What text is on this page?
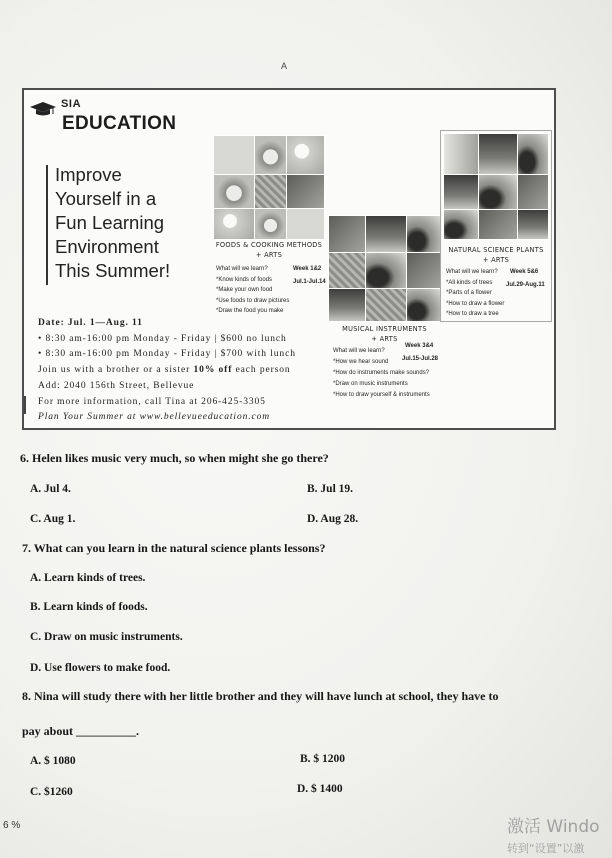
A
SIA
EDUCATION
Improve
Yourself in a
Fun Learning
Environment
This Summer!
FOODS & COOKING METHODS
+ ARTS
What will we learn?
*Know kinds of foods
*Make your own food
*Use foods to draw pictures
*Draw the food you make
Week 1&2
Jul.1-Jul.14
MUSICAL INSTRUMENTS
+ ARTS
What will we learn?
*How we hear sound
*How do instruments make sounds?
*Draw on music instruments
*How to draw yourself & instruments
Week 3&4
Jul.15-Jul.28
NATURAL SCIENCE PLANTS
+ ARTS
What will we learn?
*All kinds of trees
*Parts of a flower
*How to draw a flower
*How to draw a tree
Week 5&6
Jul.29-Aug.11
Date: Jul. 1—Aug. 11
• 8:30 am-16:00 pm Monday - Friday | $600 no lunch
• 8:30 am-16:00 pm Monday - Friday | $700 with lunch
Join us with a brother or a sister 10% off each person
Add: 2040 156th Street, Bellevue
For more information, call Tina at 206-425-3305
Plan Your Summer at www.bellevueeducation.com
6. Helen likes music very much, so when might she go there?
A. Jul 4.	B. Jul 19.
C. Aug 1.	D. Aug 28.
7. What can you learn in the natural science plants lessons?
A. Learn kinds of trees.
B. Learn kinds of foods.
C. Draw on music instruments.
D. Use flowers to make food.
8. Nina will study there with her little brother and they will have lunch at school, they have to
pay about __________.
A. $ 1080	B. $ 1200
C. $1260	D. $ 1400
6 %	激活 Windo
转到“设置”以激
